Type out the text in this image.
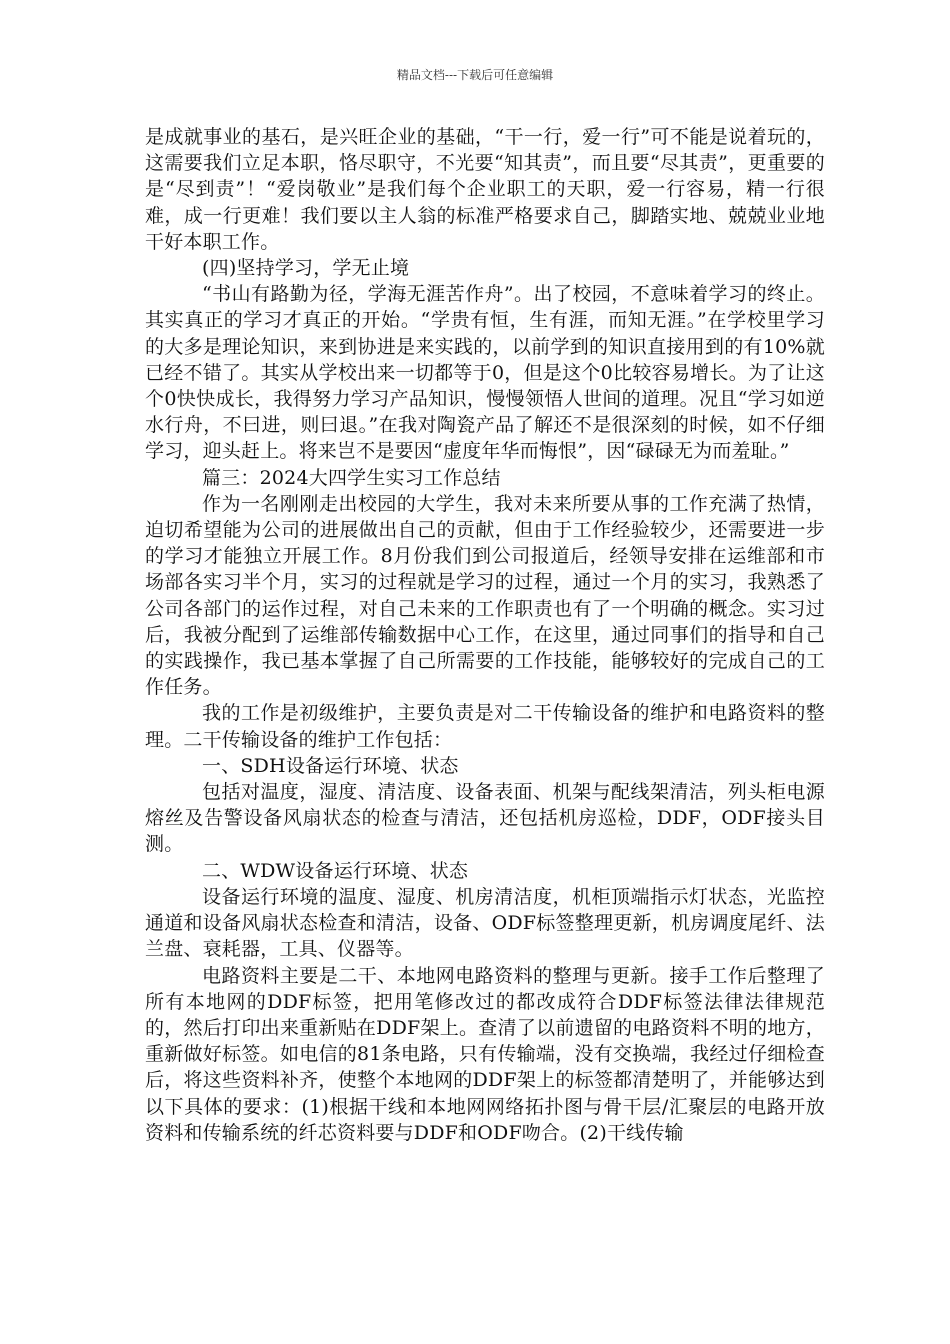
精品文档---下载后可任意编辑

是成就事业的基石，是兴旺企业的基础，“干一行，爱一行”可不能是说着玩的，这需要我们立足本职，恪尽职守，不光要“知其责”，而且要“尽其责”，更重要的是“尽到责”！“爱岗敬业”是我们每个企业职工的天职，爱一行容易，精一行很难，成一行更难！我们要以主人翁的标准严格要求自己，脚踏实地、兢兢业业地干好本职工作。

(四)坚持学习，学无止境

“书山有路勤为径，学海无涯苦作舟”。出了校园，不意味着学习的终止。其实真正的学习才真正的开始。“学贵有恒，生有涯，而知无涯。”在学校里学习的大多是理论知识，来到协进是来实践的，以前学到的知识直接用到的有10%就已经不错了。其实从学校出来一切都等于0，但是这个0比较容易增长。为了让这个0快快成长，我得努力学习产品知识，慢慢领悟人世间的道理。况且“学习如逆水行舟，不曰进，则曰退。”在我对陶瓷产品了解还不是很深刻的时候，如不仔细学习，迎头赶上。将来岂不是要因“虚度年华而悔恨”，因“碌碌无为而羞耻。”

篇三：2024大四学生实习工作总结

作为一名刚刚走出校园的大学生，我对未来所要从事的工作充满了热情，迫切希望能为公司的进展做出自己的贡献，但由于工作经验较少，还需要进一步的学习才能独立开展工作。8月份我们到公司报道后，经领导安排在运维部和市场部各实习半个月，实习的过程就是学习的过程，通过一个月的实习，我熟悉了公司各部门的运作过程，对自己未来的工作职责也有了一个明确的概念。实习过后，我被分配到了运维部传输数据中心工作，在这里，通过同事们的指导和自己的实践操作，我已基本掌握了自己所需要的工作技能，能够较好的完成自己的工作任务。

我的工作是初级维护，主要负责是对二干传输设备的维护和电路资料的整理。二干传输设备的维护工作包括：

一、SDH设备运行环境、状态

包括对温度，湿度、清洁度、设备表面、机架与配线架清洁，列头柜电源熔丝及告警设备风扇状态的检查与清洁，还包括机房巡检，DDF，ODF接头目测。

二、WDW设备运行环境、状态

设备运行环境的温度、湿度、机房清洁度，机柜顶端指示灯状态，光监控通道和设备风扇状态检查和清洁，设备、ODF标签整理更新，机房调度尾纤、法兰盘、衰耗器，工具、仪器等。

电路资料主要是二干、本地网电路资料的整理与更新。接手工作后整理了所有本地网的DDF标签，把用笔修改过的都改成符合DDF标签法律法律规范的，然后打印出来重新贴在DDF架上。查清了以前遗留的电路资料不明的地方，重新做好标签。如电信的81条电路，只有传输端，没有交换端，我经过仔细检查后，将这些资料补齐，使整个本地网的DDF架上的标签都清楚明了，并能够达到以下具体的要求：(1)根据干线和本地网网络拓扑图与骨干层/汇聚层的电路开放资料和传输系统的纤芯资料要与DDF和ODF吻合。(2)干线传输
